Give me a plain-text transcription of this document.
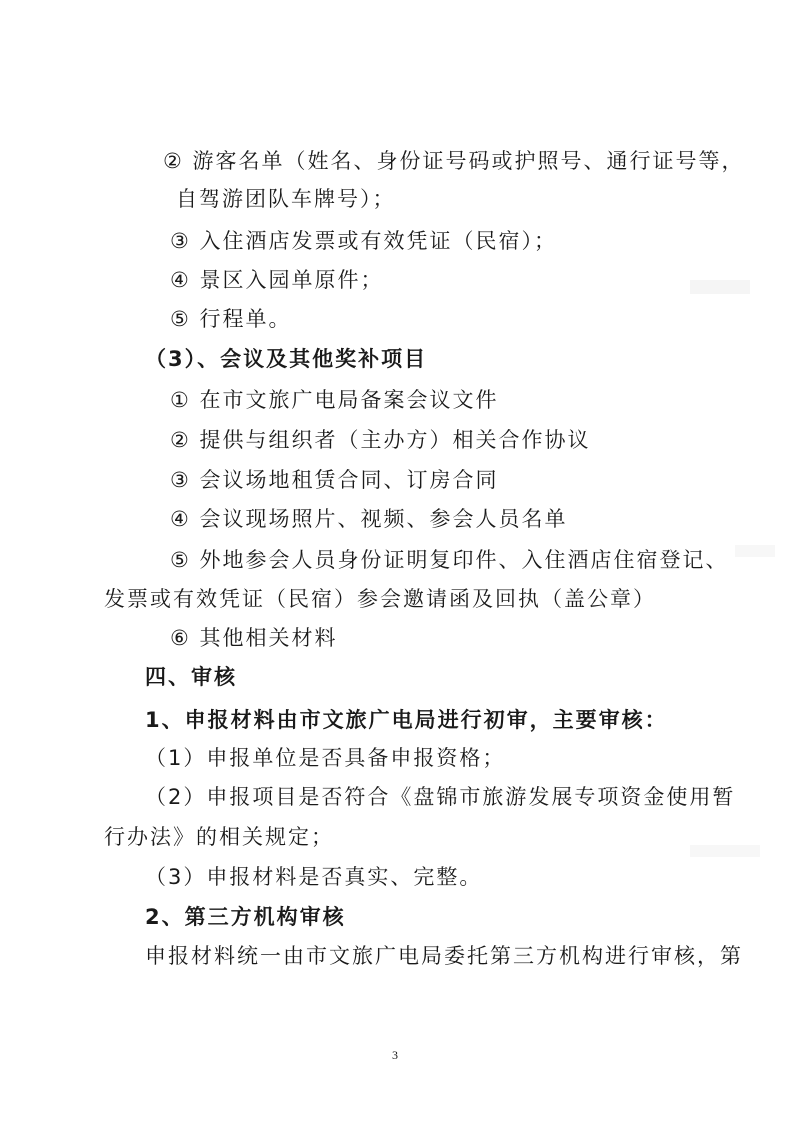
② 游客名单（姓名、身份证号码或护照号、通行证号等，
自驾游团队车牌号）；
③ 入住酒店发票或有效凭证（民宿）；
④ 景区入园单原件；
⑤ 行程单。
（3）、会议及其他奖补项目
① 在市文旅广电局备案会议文件
② 提供与组织者（主办方）相关合作协议
③ 会议场地租赁合同、订房合同
④ 会议现场照片、视频、参会人员名单
⑤ 外地参会人员身份证明复印件、入住酒店住宿登记、
发票或有效凭证（民宿）参会邀请函及回执（盖公章）
⑥ 其他相关材料
四、审核
1、申报材料由市文旅广电局进行初审，主要审核：
（1）申报单位是否具备申报资格；
（2）申报项目是否符合《盘锦市旅游发展专项资金使用暂
行办法》的相关规定；
（3）申报材料是否真实、完整。
2、第三方机构审核
申报材料统一由市文旅广电局委托第三方机构进行审核，第
3
